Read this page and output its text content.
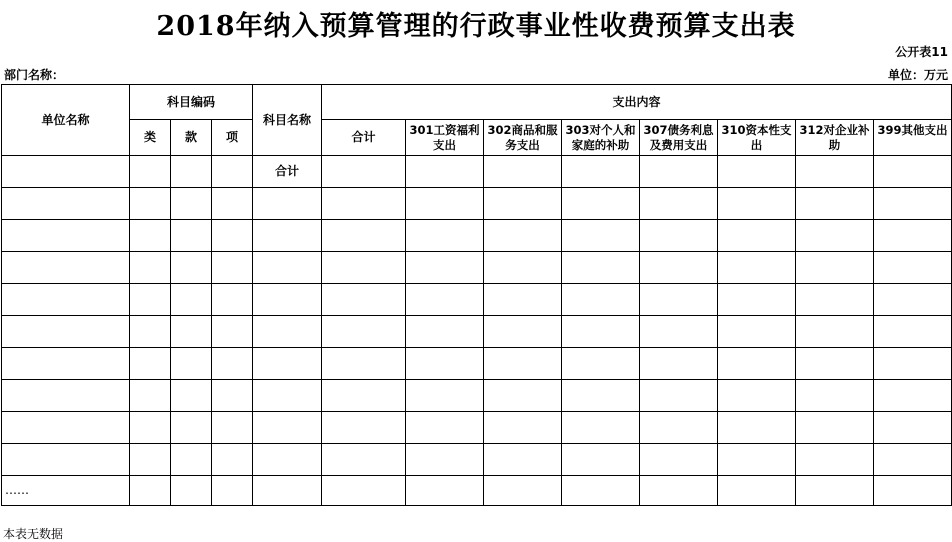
2018年纳入预算管理的行政事业性收费预算支出表
公开表11
部门名称：	单位：万元
单位名称	科目编码			科目名称	支出内容							
	类	款	项		合计	301工资福利支出	302商品和服务支出	303对个人和家庭的补助	307债务利息及费用支出	310资本性支出	312对企业补助	399其他支出

				合计								

……												
本表无数据
